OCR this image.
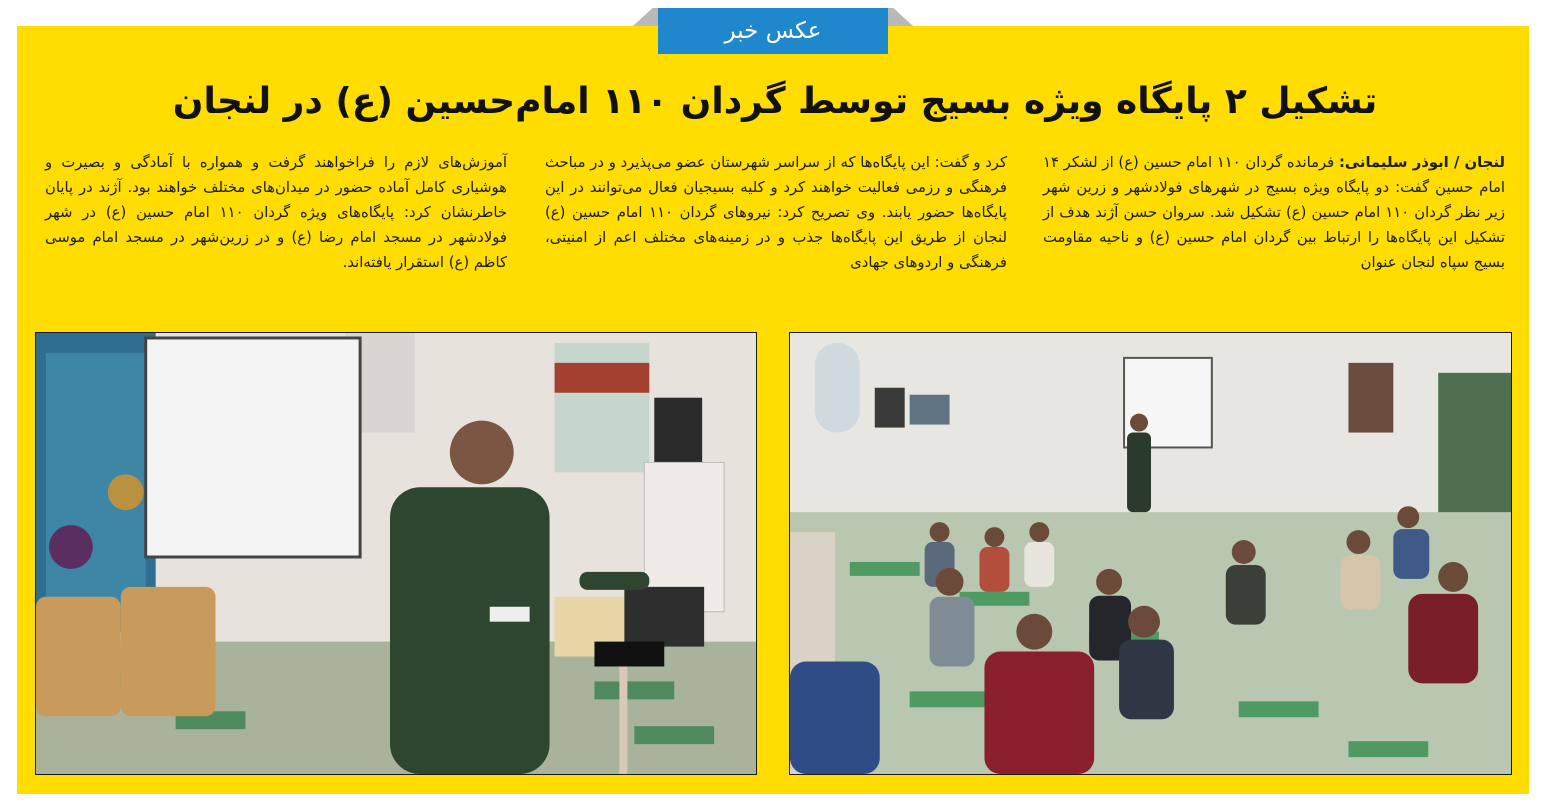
عکس خبر
تشکیل ۲ پایگاه ویژه بسیج توسط گردان ۱۱۰ امام‌حسین (ع) در لنجان
لنجان / ابوذر سلیمانی: فرمانده گردان ۱۱۰ امام حسین (ع) از لشکر ۱۴ امام حسین گفت: دو پایگاه ویژه بسیج در شهرهای فولادشهر و زرین شهر زیر نظر گردان ۱۱۰ امام حسین (ع) تشکیل شد. سروان حسن آژند هدف از تشکیل این پایگاه‌ها را ارتباط بین گردان امام حسین (ع) و ناحیه مقاومت بسیج سپاه لنجان عنوان
کرد و گفت: این پایگاه‌ها که از سراسر شهرستان عضو می‌پذیرد و در مباحث فرهنگی و رزمی فعالیت خواهند کرد و کلیه بسیجیان فعال می‌توانند در این پایگاه‌ها حضور یابند. وی تصریح کرد: نیروهای گردان ۱۱۰ امام حسین (ع) لنجان از طریق این پایگاه‌ها جذب و در زمینه‌های مختلف اعم از امنیتی، فرهنگی و اردوهای جهادی
آموزش‌های لازم را فراخواهند گرفت و همواره با آمادگی و بصیرت و هوشیاری کامل آماده حضور در میدان‌های مختلف خواهند بود. آژند در پایان خاطرنشان کرد: پایگاه‌های ویژه گردان ۱۱۰ امام حسین (ع) در شهر فولادشهر در مسجد امام رضا (ع) و در زرین‌شهر در مسجد امام موسی کاظم (ع) استقرار یافته‌اند.
